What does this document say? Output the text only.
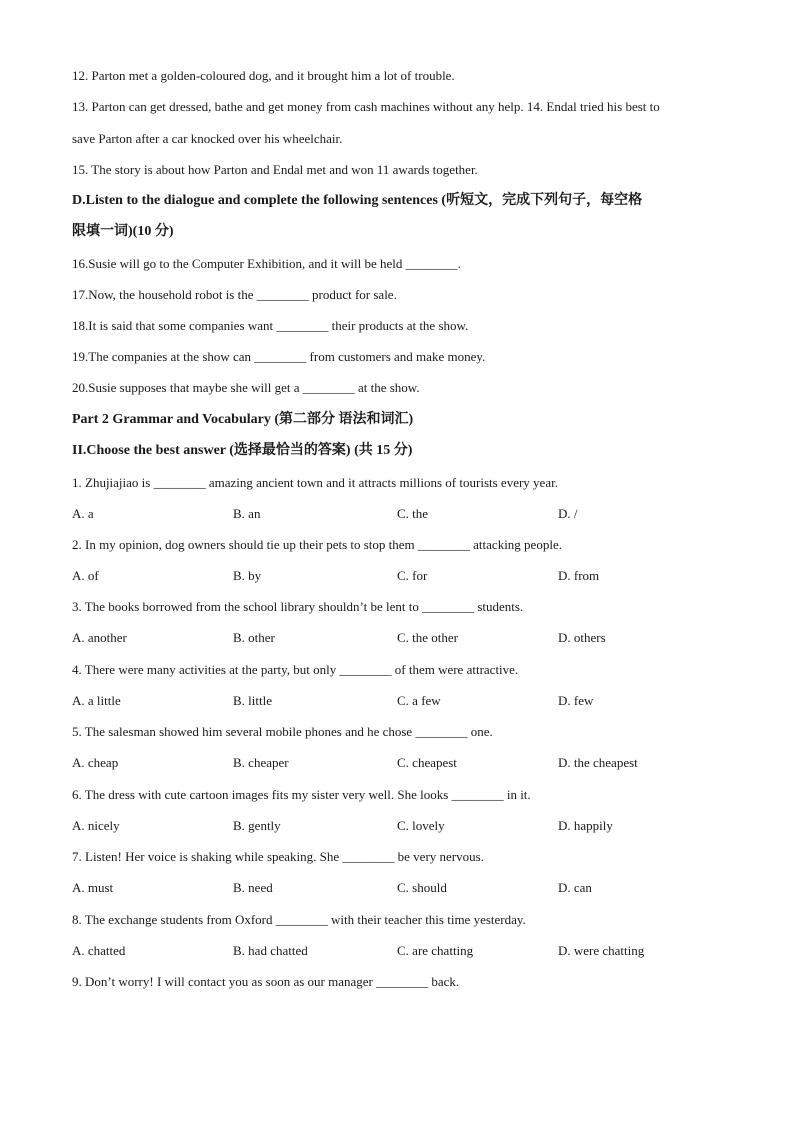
12. Parton met a golden-coloured dog, and it brought him a lot of trouble.
13. Parton can get dressed, bathe and get money from cash machines without any help. 14. Endal tried his best to
save Parton after a car knocked over his wheelchair.
15. The story is about how Parton and Endal met and won 11 awards together.
D.Listen to the dialogue and complete the following sentences (听短文，完成下列句子，每空格
限填一词)(10 分)
16.Susie will go to the Computer Exhibition, and it will be held ________.
17.Now, the household robot is the ________ product for sale.
18.It is said that some companies want ________ their products at the show.
19.The companies at the show can ________ from customers and make money.
20.Susie supposes that maybe she will get a ________ at the show.
Part 2 Grammar and Vocabulary (第二部分 语法和词汇)
II.Choose the best answer (选择最恰当的答案) (共 15 分)
1. Zhujiajiao is ________ amazing ancient town and it attracts millions of tourists every year.
A. a	B. an	C. the	D. /
2. In my opinion, dog owners should tie up their pets to stop them ________ attacking people.
A. of	B. by	C. for	D. from
3. The books borrowed from the school library shouldn’t be lent to ________ students.
A. another	B. other	C. the other	D. others
4. There were many activities at the party, but only ________ of them were attractive.
A. a little	B. little	C. a few	D. few
5. The salesman showed him several mobile phones and he chose ________ one.
A. cheap	B. cheaper	C. cheapest	D. the cheapest
6. The dress with cute cartoon images fits my sister very well. She looks ________ in it.
A. nicely	B. gently	C. lovely	D. happily
7. Listen! Her voice is shaking while speaking. She ________ be very nervous.
A. must	B. need	C. should	D. can
8. The exchange students from Oxford ________ with their teacher this time yesterday.
A. chatted	B. had chatted	C. are chatting	D. were chatting
9. Don’t worry! I will contact you as soon as our manager ________ back.
